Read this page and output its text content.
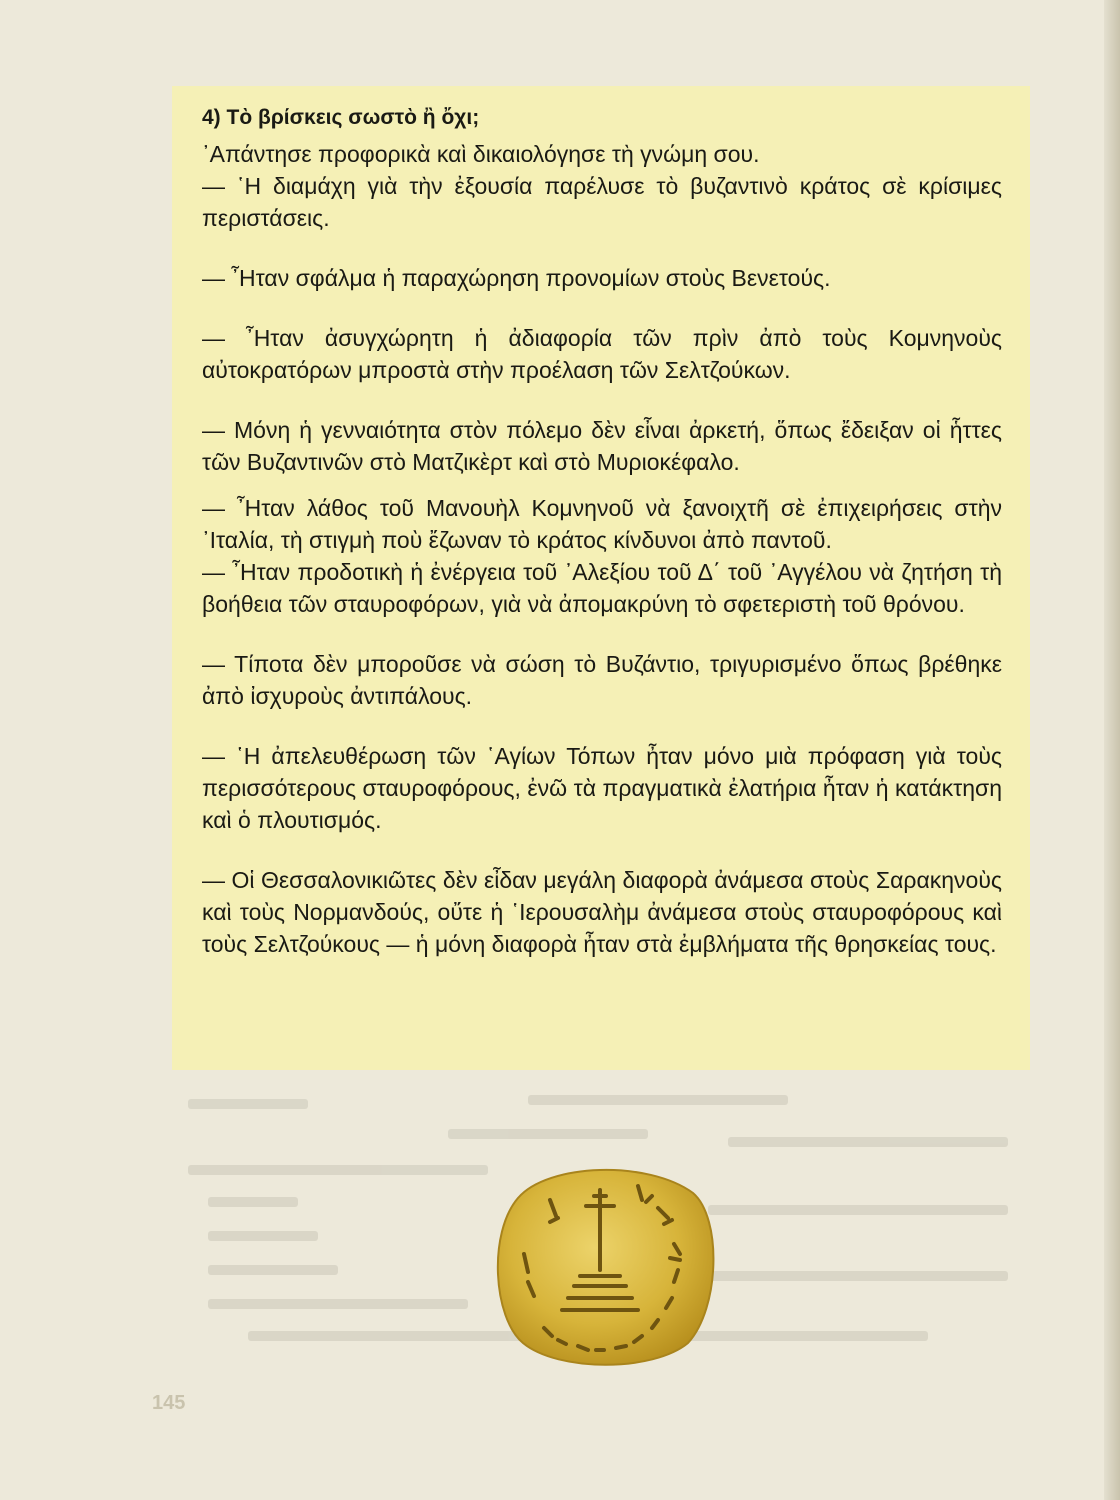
4) Τὸ βρίσκεις σωστὸ ἢ ὄχι;

᾽Απάντησε προφορικὰ καὶ δικαιολόγησε τὴ γνώμη σου.

— ῾Η διαμάχη γιὰ τὴν ἐξουσία παρέλυσε τὸ βυζαντινὸ κράτος σὲ κρίσιμες περιστάσεις.

— ῏Ηταν σφάλμα ἡ παραχώρηση προνομίων στοὺς Βενετούς.

— ῏Ηταν ἀσυγχώρητη ἡ ἀδιαφορία τῶν πρὶν ἀπὸ τοὺς Κομνηνοὺς αὐτοκρατόρων μπροστὰ στὴν προέλαση τῶν Σελτζούκων.

— Μόνη ἡ γενναιότητα στὸν πόλεμο δὲν εἶναι ἀρκετή, ὅπως ἔδειξαν οἱ ἧττες τῶν Βυζαντινῶν στὸ Ματζικὲρτ καὶ στὸ Μυριοκέφαλο.

— ῏Ηταν λάθος τοῦ Μανουὴλ Κομνηνοῦ νὰ ξανοιχτῆ σὲ ἐπιχειρήσεις στὴν ᾽Ιταλία, τὴ στιγμὴ ποὺ ἔζωναν τὸ κράτος κίνδυνοι ἀπὸ παντοῦ.

— ῏Ηταν προδοτικὴ ἡ ἐνέργεια τοῦ ᾽Αλεξίου τοῦ Δ΄ τοῦ ᾽Αγγέλου νὰ ζητήση τὴ βοήθεια τῶν σταυροφόρων, γιὰ νὰ ἀπομακρύνη τὸ σφετεριστὴ τοῦ θρόνου.

— Τίποτα δὲν μποροῦσε νὰ σώση τὸ Βυζάντιο, τριγυρισμένο ὅπως βρέθηκε ἀπὸ ἰσχυροὺς ἀντιπάλους.

— ῾Η ἀπελευθέρωση τῶν ῾Αγίων Τόπων ἦταν μόνο μιὰ πρόφαση γιὰ τοὺς περισσότερους σταυροφόρους, ἐνῶ τὰ πραγματικὰ ἐλατήρια ἦταν ἡ κατάκτηση καὶ ὁ πλουτισμός.

— Οἱ Θεσσαλονικιῶτες δὲν εἶδαν μεγάλη διαφορὰ ἀνάμεσα στοὺς Σαρακηνοὺς καὶ τοὺς Νορμανδούς, οὔτε ἡ ῾Ιερουσαλὴμ ἀνάμεσα στοὺς σταυροφόρους καὶ τοὺς Σελτζούκους — ἡ μόνη διαφορὰ ἦταν στὰ ἐμβλήματα τῆς θρησκείας τους.

145
